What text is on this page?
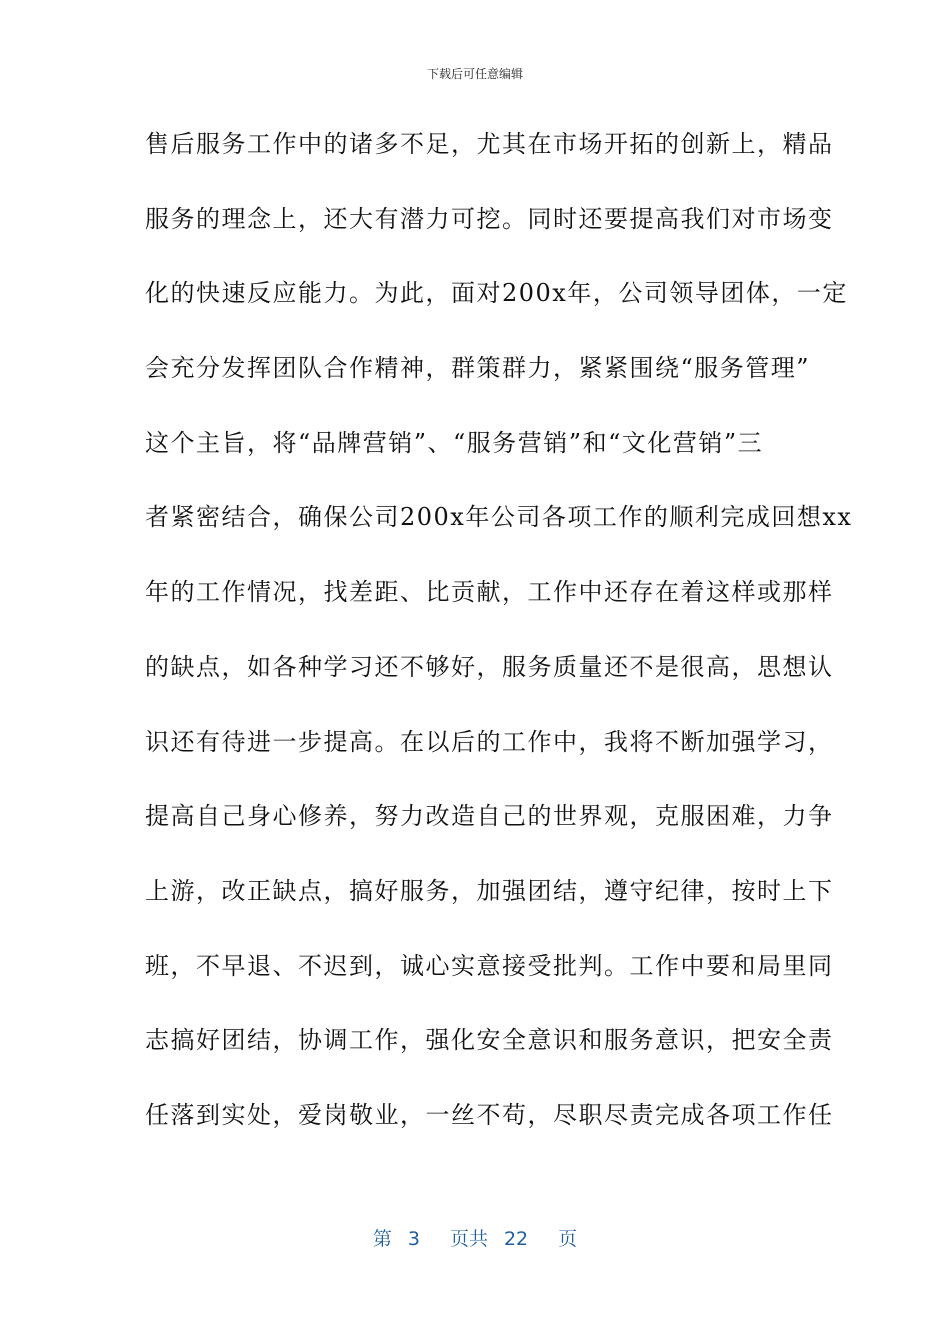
下载后可任意编辑
售后服务工作中的诸多不足，尤其在市场开拓的创新上，精品
服务的理念上，还大有潜力可挖。同时还要提高我们对市场变
化的快速反应能力。为此，面对200x年，公司领导团体，一定
会充分发挥团队合作精神，群策群力，紧紧围绕“服务管理”
这个主旨，将“品牌营销”、“服务营销”和“文化营销”三
者紧密结合，确保公司200x年公司各项工作的顺利完成回想xx
年的工作情况，找差距、比贡献，工作中还存在着这样或那样
的缺点，如各种学习还不够好，服务质量还不是很高，思想认
识还有待进一步提高。在以后的工作中，我将不断加强学习，
提高自己身心修养，努力改造自己的世界观，克服困难，力争
上游，改正缺点，搞好服务，加强团结，遵守纪律，按时上下
班，不早退、不迟到，诚心实意接受批判。工作中要和局里同
志搞好团结，协调工作，强化安全意识和服务意识，把安全责
任落到实处，爱岗敬业，一丝不苟，尽职尽责完成各项工作任
第 3 页共 22 页
